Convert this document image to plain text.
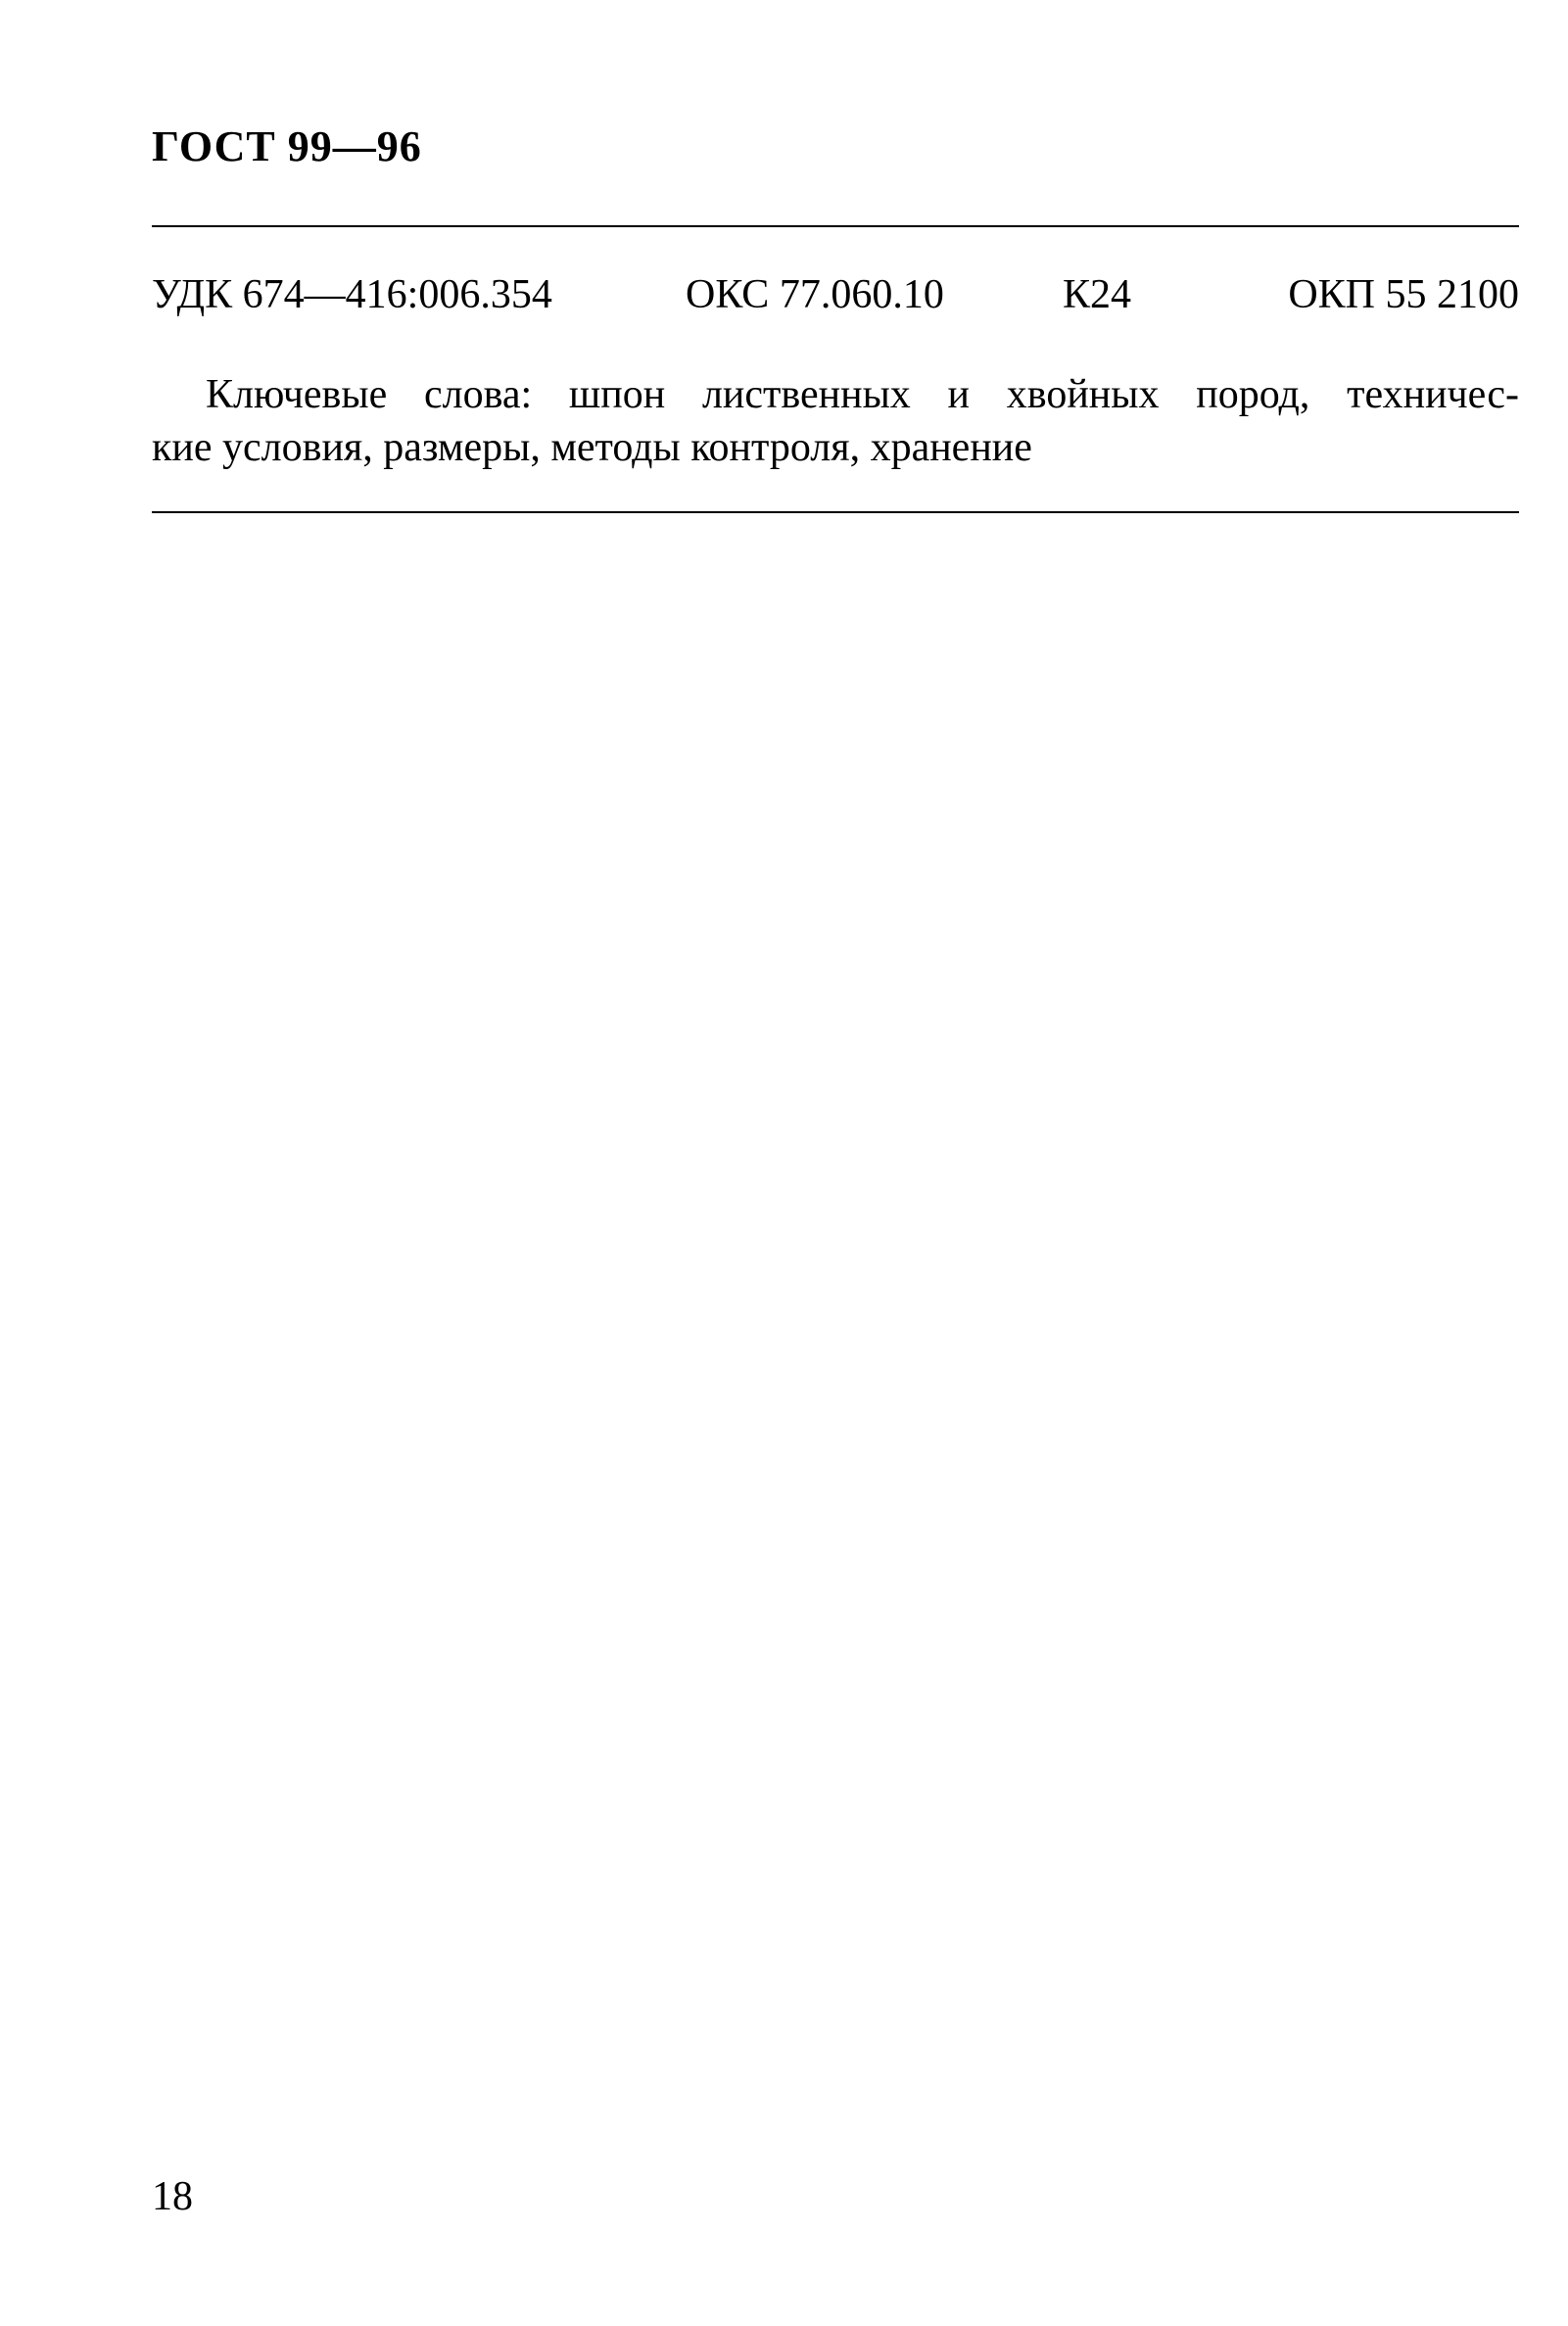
ГОСТ 99—96
УДК 674—416:006.354	ОКС 77.060.10	К24	ОКП 55 2100
Ключевые слова: шпон лиственных и хвойных пород, техничес-
кие условия, размеры, методы контроля, хранение
18
